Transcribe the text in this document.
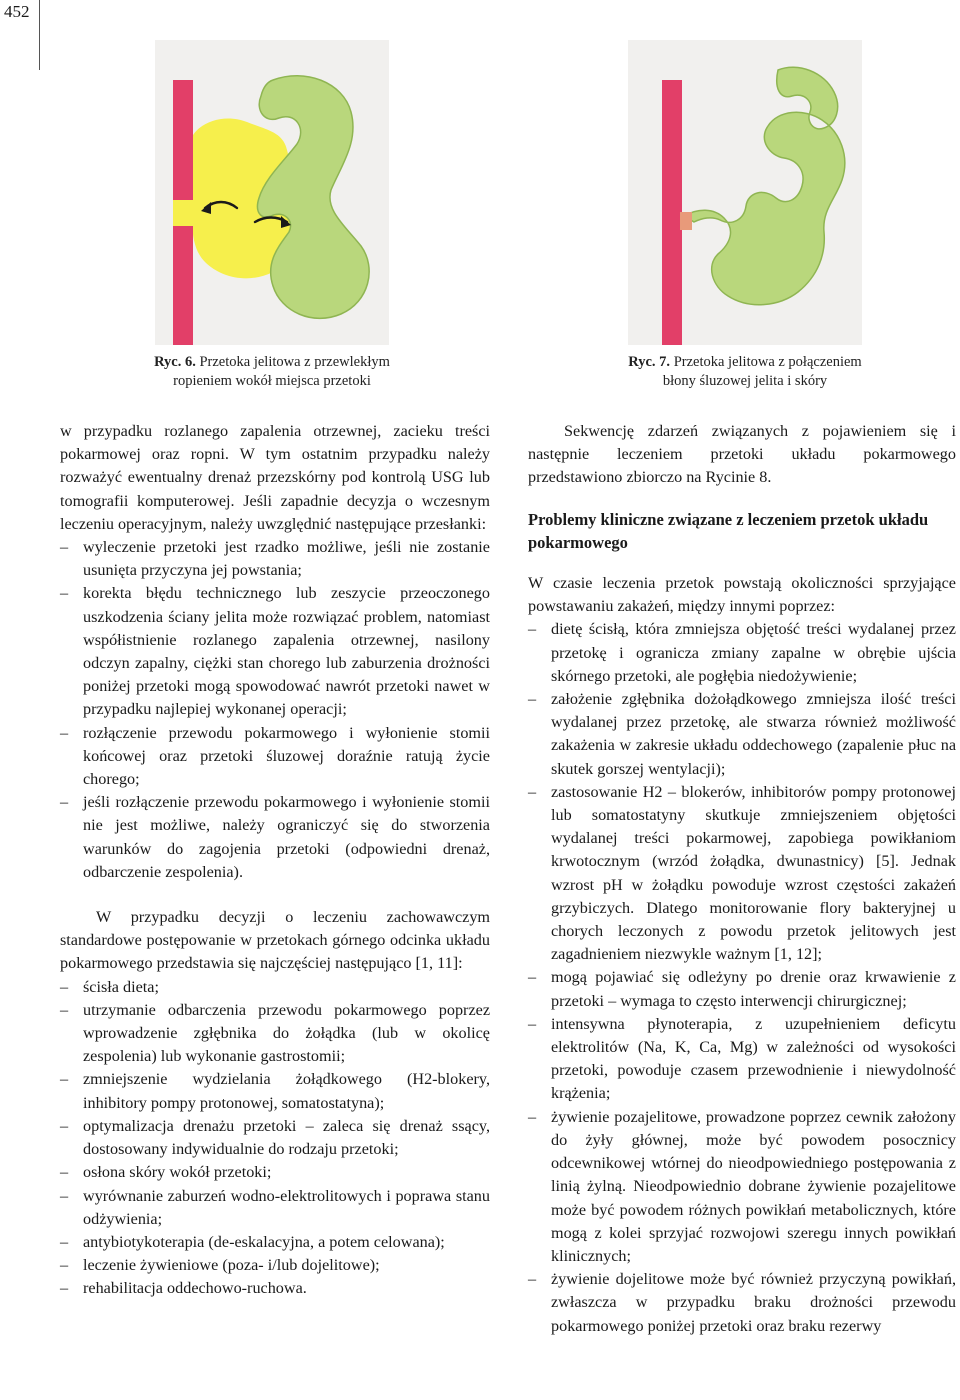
452
Ryc. 6. Przetoka jelitowa z przewlekłym
ropieniem wokół miejsca przetoki
Ryc. 7. Przetoka jelitowa z połączeniem
błony śluzowej jelita i skóry

w przypadku rozlanego zapalenia otrzewnej, zacieku treści pokarmowej oraz ropni. W tym ostatnim przypadku należy rozważyć ewentualny drenaż przezskórny pod kontrolą USG lub tomografii komputerowej. Jeśli zapadnie decyzja o wczesnym leczeniu operacyjnym, należy uwzględnić następujące przesłanki:

– wyleczenie przetoki jest rzadko możliwe, jeśli nie zostanie usunięta przyczyna jej powstania;
– korekta błędu technicznego lub zeszycie przeoczonego uszkodzenia ściany jelita może rozwiązać problem, natomiast współistnienie rozlanego zapalenia otrzewnej, nasilony odczyn zapalny, ciężki stan chorego lub zaburzenia drożności poniżej przetoki mogą spowodować nawrót przetoki nawet w przypadku najlepiej wykonanej operacji;
– rozłączenie przewodu pokarmowego i wyłonienie stomii końcowej oraz przetoki śluzowej doraźnie ratują życie chorego;
– jeśli rozłączenie przewodu pokarmowego i wyłonienie stomii nie jest możliwe, należy ograniczyć się do stworzenia warunków do zagojenia przetoki (odpowiedni drenaż, odbarczenie zespolenia).

W przypadku decyzji o leczeniu zachowawczym standardowe postępowanie w przetokach górnego odcinka układu pokarmowego przedstawia się najczęściej następująco [1, 11]:

– ścisła dieta;
– utrzymanie odbarczenia przewodu pokarmowego poprzez wprowadzenie zgłębnika do żołądka (lub w okolicę zespolenia) lub wykonanie gastrostomii;
– zmniejszenie wydzielania żołądkowego (H2-blokery, inhibitory pompy protonowej, somatostatyna);
– optymalizacja drenażu przetoki – zaleca się drenaż ssący, dostosowany indywidualnie do rodzaju przetoki;
– osłona skóry wokół przetoki;
– wyrównanie zaburzeń wodno-elektrolitowych i poprawa stanu odżywienia;
– antybiotykoterapia (de-eskalacyjna, a potem celowana);
– leczenie żywieniowe (poza- i/lub dojelitowe);
– rehabilitacja oddechowo-ruchowa.

Sekwencję zdarzeń związanych z pojawieniem się i następnie leczeniem przetoki układu pokarmowego przedstawiono zbiorczo na Rycinie 8.

Problemy kliniczne związane z leczeniem przetok układu pokarmowego

W czasie leczenia przetok powstają okoliczności sprzyjające powstawaniu zakażeń, między innymi poprzez:

– dietę ścisłą, która zmniejsza objętość treści wydalanej przez przetokę i ogranicza zmiany zapalne w obrębie ujścia skórnego przetoki, ale pogłębia niedożywienie;
– założenie zgłębnika dożołądkowego zmniejsza ilość treści wydalanej przez przetokę, ale stwarza również możliwość zakażenia w zakresie układu oddechowego (zapalenie płuc na skutek gorszej wentylacji);
– zastosowanie H2 – blokerów, inhibitorów pompy protonowej lub somatostatyny skutkuje zmniejszeniem objętości wydalanej treści pokarmowej, zapobiega powikłaniom krwotocznym (wrzód żołądka, dwunastnicy) [5]. Jednak wzrost pH w żołądku powoduje wzrost częstości zakażeń grzybiczych. Dlatego monitorowanie flory bakteryjnej u chorych leczonych z powodu przetok jelitowych jest zagadnieniem niezwykle ważnym [1, 12];
– mogą pojawiać się odleżyny po drenie oraz krwawienie z przetoki – wymaga to często interwencji chirurgicznej;
– intensywna płynoterapia, z uzupełnieniem deficytu elektrolitów (Na, K, Ca, Mg) w zależności od wysokości przetoki, powoduje czasem przewodnienie i niewydolność krążenia;
– żywienie pozajelitowe, prowadzone poprzez cewnik założony do żyły głównej, może być powodem posocznicy odcewnikowej wtórnej do nieodpowiedniego postępowania z linią żylną. Nieodpowiednio dobrane żywienie pozajelitowe może być powodem różnych powikłań metabolicznych, które mogą z kolei sprzyjać rozwojowi szeregu innych powikłań klinicznych;
– żywienie dojelitowe może być również przyczyną powikłań, zwłaszcza w przypadku braku drożności przewodu pokarmowego poniżej przetoki oraz braku rezerwy
